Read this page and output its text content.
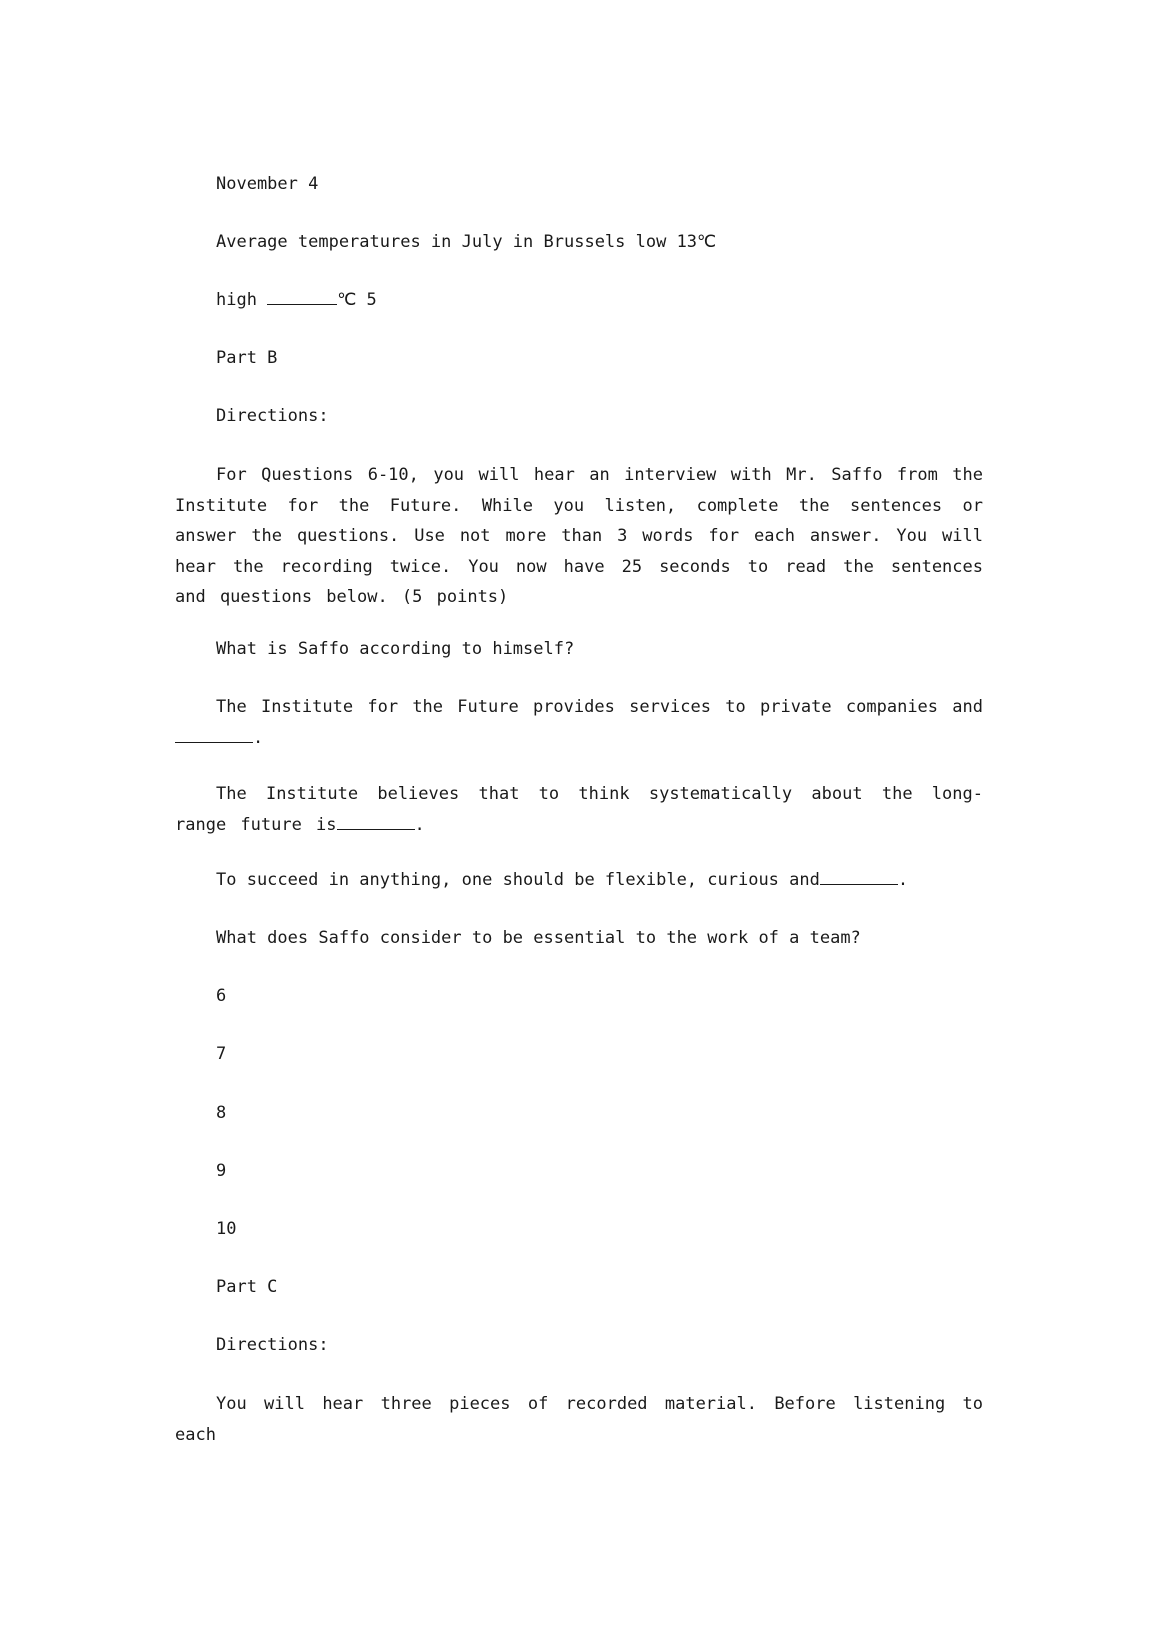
November 4
Average temperatures in July in Brussels low 13℃
high	℃ 5
Part B
Directions:
For Questions 6-10, you will hear an interview with Mr. Saffo from the Institute for the Future. While you listen, complete the sentences or answer the questions. Use not more than 3 words for each answer. You will hear the recording twice. You now have 25 seconds to read the sentences and questions below. (5 points)
What is Saffo according to himself?
The Institute for the Future provides services to private companies and .
The Institute believes that to think systematically about the long-range future is	.
To succeed in anything, one should be flexible, curious and	.
What does Saffo consider to be essential to the work of a team?
6
7
8
9
10
Part C
Directions:
You will hear three pieces of recorded material. Before listening to each
